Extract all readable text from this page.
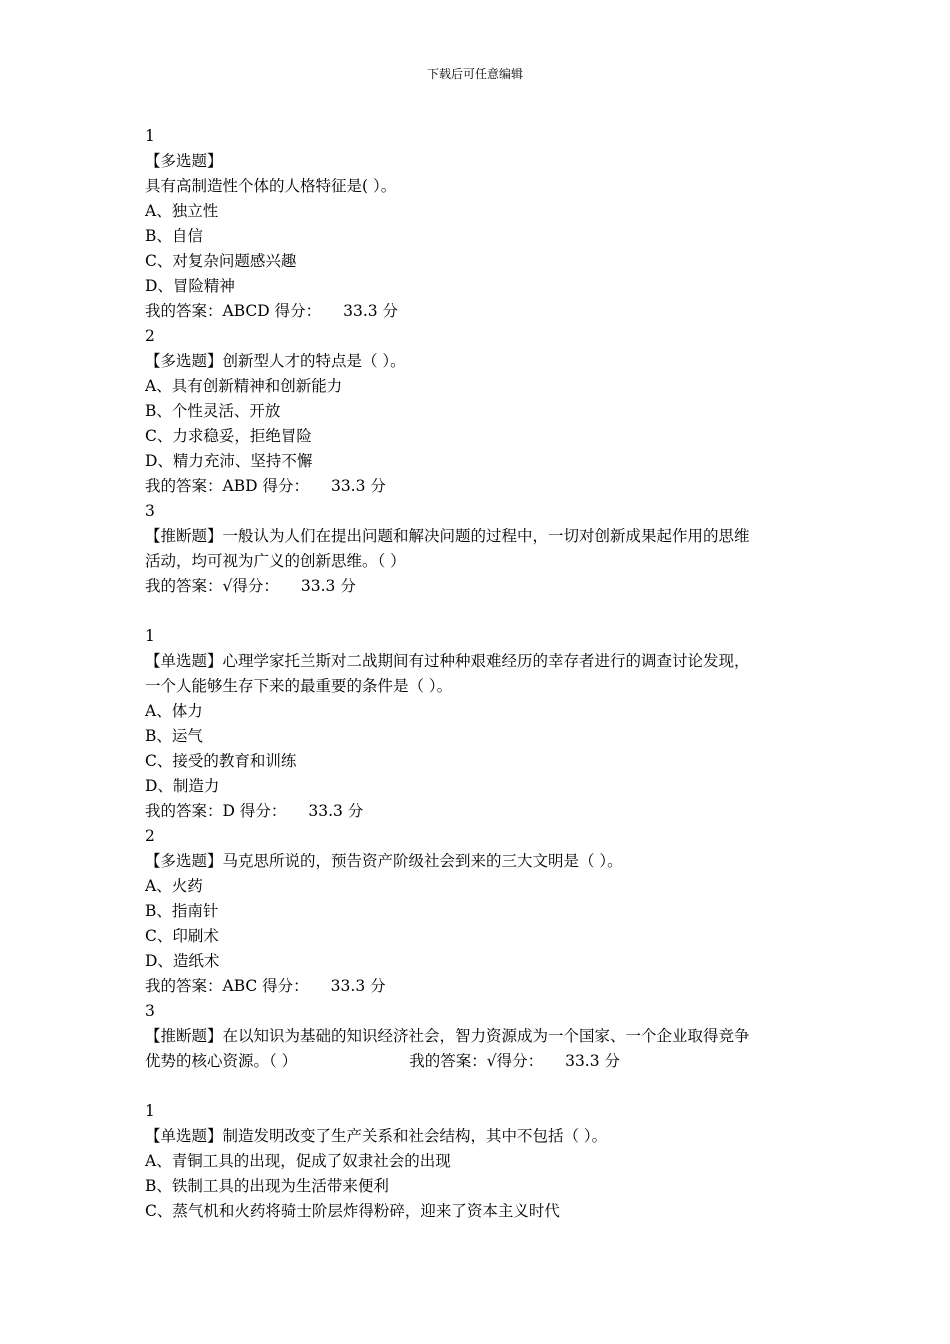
下载后可任意编辑
1
【多选题】
具有高制造性个体的人格特征是( ）。
A、独立性
B、自信
C、对复杂问题感兴趣
D、冒险精神
我的答案：ABCD 得分： 33.3 分
2
【多选题】创新型人才的特点是（ ）。
A、具有创新精神和创新能力
B、个性灵活、开放
C、力求稳妥，拒绝冒险
D、精力充沛、坚持不懈
我的答案：ABD 得分： 33.3 分
3
【推断题】一般认为人们在提出问题和解决问题的过程中，一切对创新成果起作用的思维
活动，均可视为广义的创新思维。（ ）
我的答案：√得分： 33.3 分
1
【单选题】心理学家托兰斯对二战期间有过种种艰难经历的幸存者进行的调查讨论发现，
一个人能够生存下来的最重要的条件是（ ）。
A、体力
B、运气
C、接受的教育和训练
D、制造力
我的答案：D 得分： 33.3 分
2
【多选题】马克思所说的，预告资产阶级社会到来的三大文明是（ ）。
A、火药
B、指南针
C、印刷术
D、造纸术
我的答案：ABC 得分： 33.3 分
3
【推断题】在以知识为基础的知识经济社会，智力资源成为一个国家、一个企业取得竞争
优势的核心资源。（ ）	我的答案：√得分： 33.3 分
1
【单选题】制造发明改变了生产关系和社会结构，其中不包括（ ）。
A、青铜工具的出现，促成了奴隶社会的出现
B、铁制工具的出现为生活带来便利
C、蒸气机和火药将骑士阶层炸得粉碎，迎来了资本主义时代
